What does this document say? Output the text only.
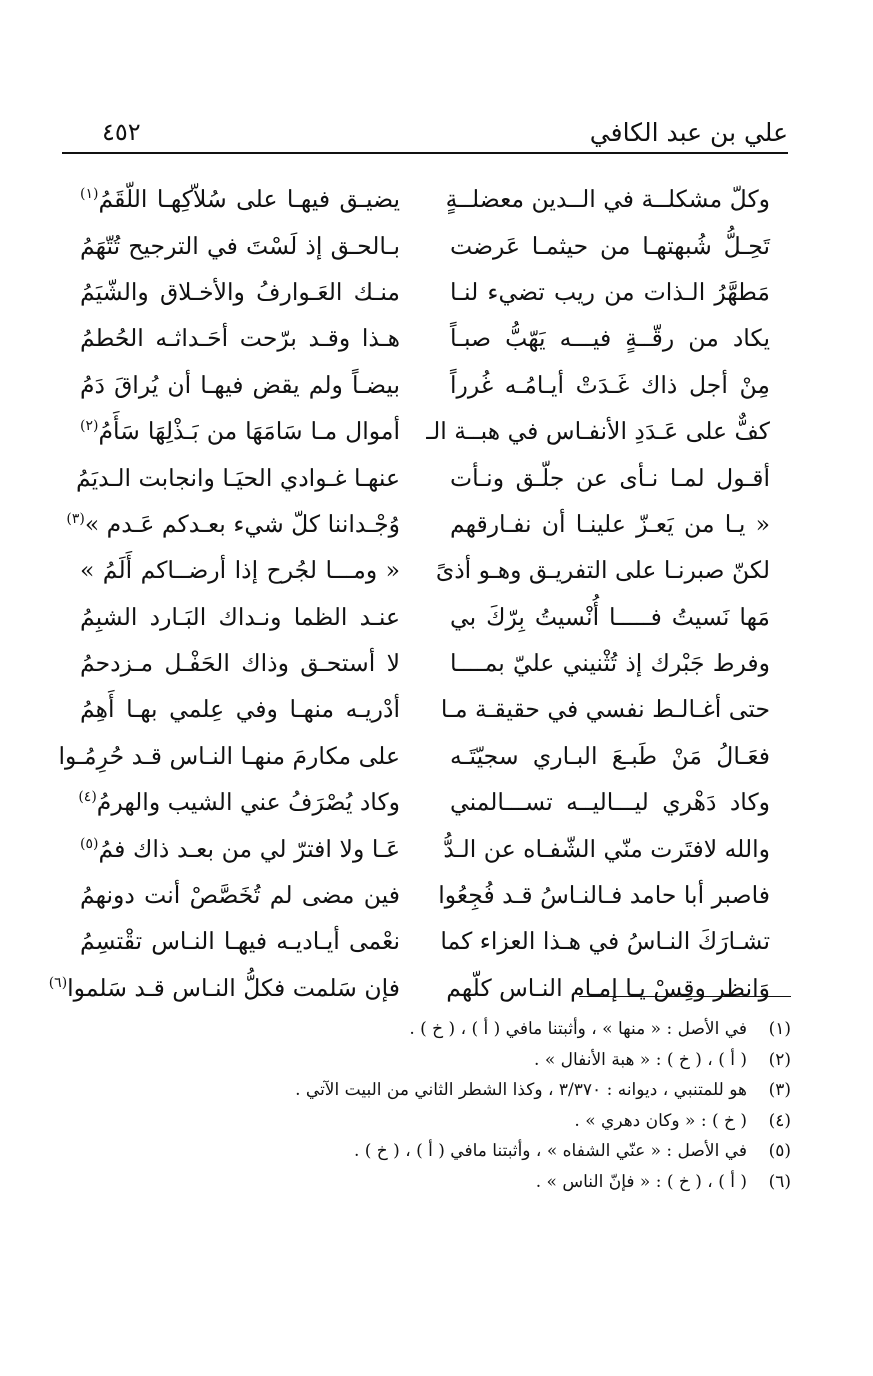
علي بن عبد الكافي
٤٥٢
وكلّ مشكلــة في الــدين معضلــةٍ
يضيـق فيهـا على سُلاّكِهـا اللّقَمُ$^{(١)}$
تَحِـلُّ شُبهتهـا من حيثمـا عَرضت
بـالحـق إذ لَسْتَ في الترجيح تُتّهَمُ
مَطهَّرُ الـذات من ريب تضيء لنـا
منـك العَـوارفُ والأخـلاق والشّيَمُ
يكاد من رقّــةٍ فيـــه يَهّبُّ صبـاً
هـذا وقـد برّحت أحَـداثـه الحُطمُ
مِنْ أجل ذاك غَـدَتْ أيـامُـه غُرراً
بيضـاً ولم يقض فيهـا أن يُراقَ دَمُ
كفٌّ على عَـدَدِ الأنفـاس في هبــة الـ
أموال مـا سَامَهَا من بَـذْلِهَا سَأَمُ$^{(٢)}$
أقـول لمـا نـأى عن جلّـق ونـأت
عنهـا غـوادي الحيَـا وانجابت الـديَمُ
« يـا من يَعـزّ علينـا أن نفـارقهم
وُجْـداننا كلّ شيء بعـدكم عَـدم »$^{(٣)}$
لكنّ صبرنـا على التفريـق وهـو أذىً
« ومـــا لجُرح إذا أرضــاكم أَلَمُ »
مَها نَسيتُ فـــــا أُنْسيتُ بِرّكَ بي
عنـد الظما ونـداك البَـارد الشبِمُ
وفرط جَبْرك إذ تُثْنيني عليّ بمــــا
لا أستحـق وذاك الحَفْـل مـزدحمُ
حتى أغـالـط نفسي في حقيقـة مـا
أدْريـه منهـا وفي عِلمي بهـا أَهِمُ
فعَـالُ مَنْ طَبـعَ البـاري سجيّتَـه
على مكارمَ منهـا النـاس قـد حُرِمُـوا
وكاد دَهْري ليـــاليــه تســـالمني
وكاد يُصْرَفُ عني الشيب والهرمُ$^{(٤)}$
والله لافتَرت منّي الشّفـاه عن الـدُّ
عَـا ولا افترّ لي من بعـد ذاك فمُ$^{(٥)}$
فاصبر أبا حامد فـالنـاسُ قـد فُجِعُوا
فين مضى لم تُخَصَّصْ أنت دونهمُ
تشـارَكَ النـاسُ في هـذا العزاء كما
نعْمى أيـاديـه فيهـا النـاس تقْتسِمُ
وَانظر وقِسْ يـا إمـام النـاس كلّهم
فإن سَلمت فكلُّ النـاس قـد سَلموا$^{(٦)}$
(١)
في الأصل : « منها » ، وأثبتنا مافي ( أ ) ، ( خ ) .
(٢)
( أ ) ، ( خ ) : « هبة الأنفال » .
(٣)
هو للمتنبي ، ديوانه : ٣/٣٧٠ ، وكذا الشطر الثاني من البيت الآتي .
(٤)
( خ ) : « وكان دهري » .
(٥)
في الأصل : « عنّي الشفاه » ، وأثبتنا مافي ( أ ) ، ( خ ) .
(٦)
( أ ) ، ( خ ) : « فإنّ الناس » .
